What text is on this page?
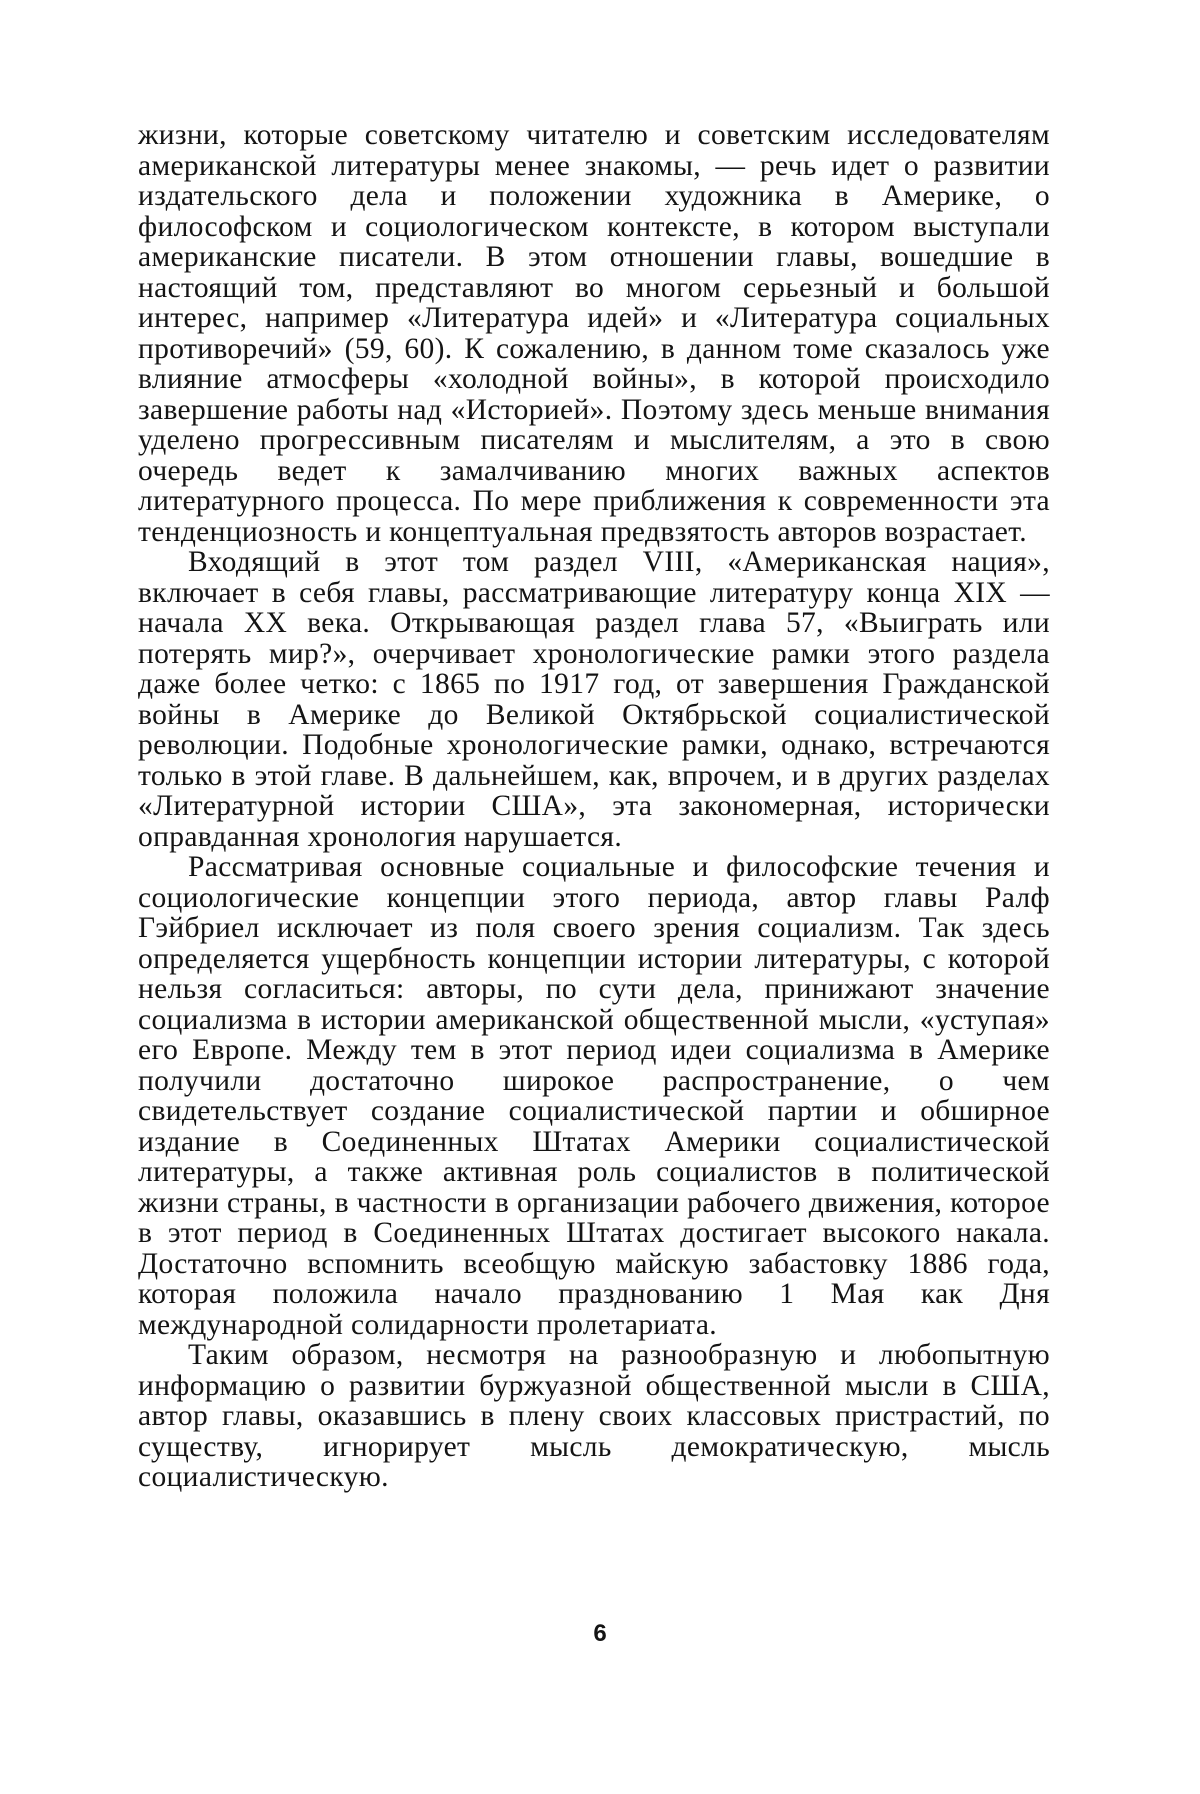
жизни, которые советскому читателю и советским исследователям американской литературы менее знакомы, — речь идет о развитии издательского дела и положении художника в Америке, о философском и социологическом контексте, в котором выступали американские писатели. В этом отношении главы, вошедшие в настоящий том, представляют во многом серьезный и большой интерес, например «Литература идей» и «Литература социальных противоречий» (59, 60). К сожалению, в данном томе сказалось уже влияние атмосферы «холодной войны», в которой происходило завершение работы над «Историей». Поэтому здесь меньше внимания уделено прогрессивным писателям и мыслителям, а это в свою очередь ведет к замалчиванию многих важных аспектов литературного процесса. По мере приближения к современности эта тенденциозность и концептуальная предвзятость авторов возрастает.

Входящий в этот том раздел VIII, «Американская нация», включает в себя главы, рассматривающие литературу конца XIX — начала XX века. Открывающая раздел глава 57, «Выиграть или потерять мир?», очерчивает хронологические рамки этого раздела даже более четко: с 1865 по 1917 год, от завершения Гражданской войны в Америке до Великой Октябрьской социалистической революции. Подобные хронологические рамки, однако, встречаются только в этой главе. В дальнейшем, как, впрочем, и в других разделах «Литературной истории США», эта закономерная, исторически оправданная хронология нарушается.

Рассматривая основные социальные и философские течения и социологические концепции этого периода, автор главы Ралф Гэйбриел исключает из поля своего зрения социализм. Так здесь определяется ущербность концепции истории литературы, с которой нельзя согласиться: авторы, по сути дела, принижают значение социализма в истории американской общественной мысли, «уступая» его Европе. Между тем в этот период идеи социализма в Америке получили достаточно широкое распространение, о чем свидетельствует создание социалистической партии и обширное издание в Соединенных Штатах Америки социалистической литературы, а также активная роль социалистов в политической жизни страны, в частности в организации рабочего движения, которое в этот период в Соединенных Штатах достигает высокого накала. Достаточно вспомнить всеобщую майскую забастовку 1886 года, которая положила начало празднованию 1 Мая как Дня международной солидарности пролетариата.

Таким образом, несмотря на разнообразную и любопытную информацию о развитии буржуазной общественной мысли в США, автор главы, оказавшись в плену своих классовых пристрастий, по существу, игнорирует мысль демократическую, мысль социалистическую.

6
